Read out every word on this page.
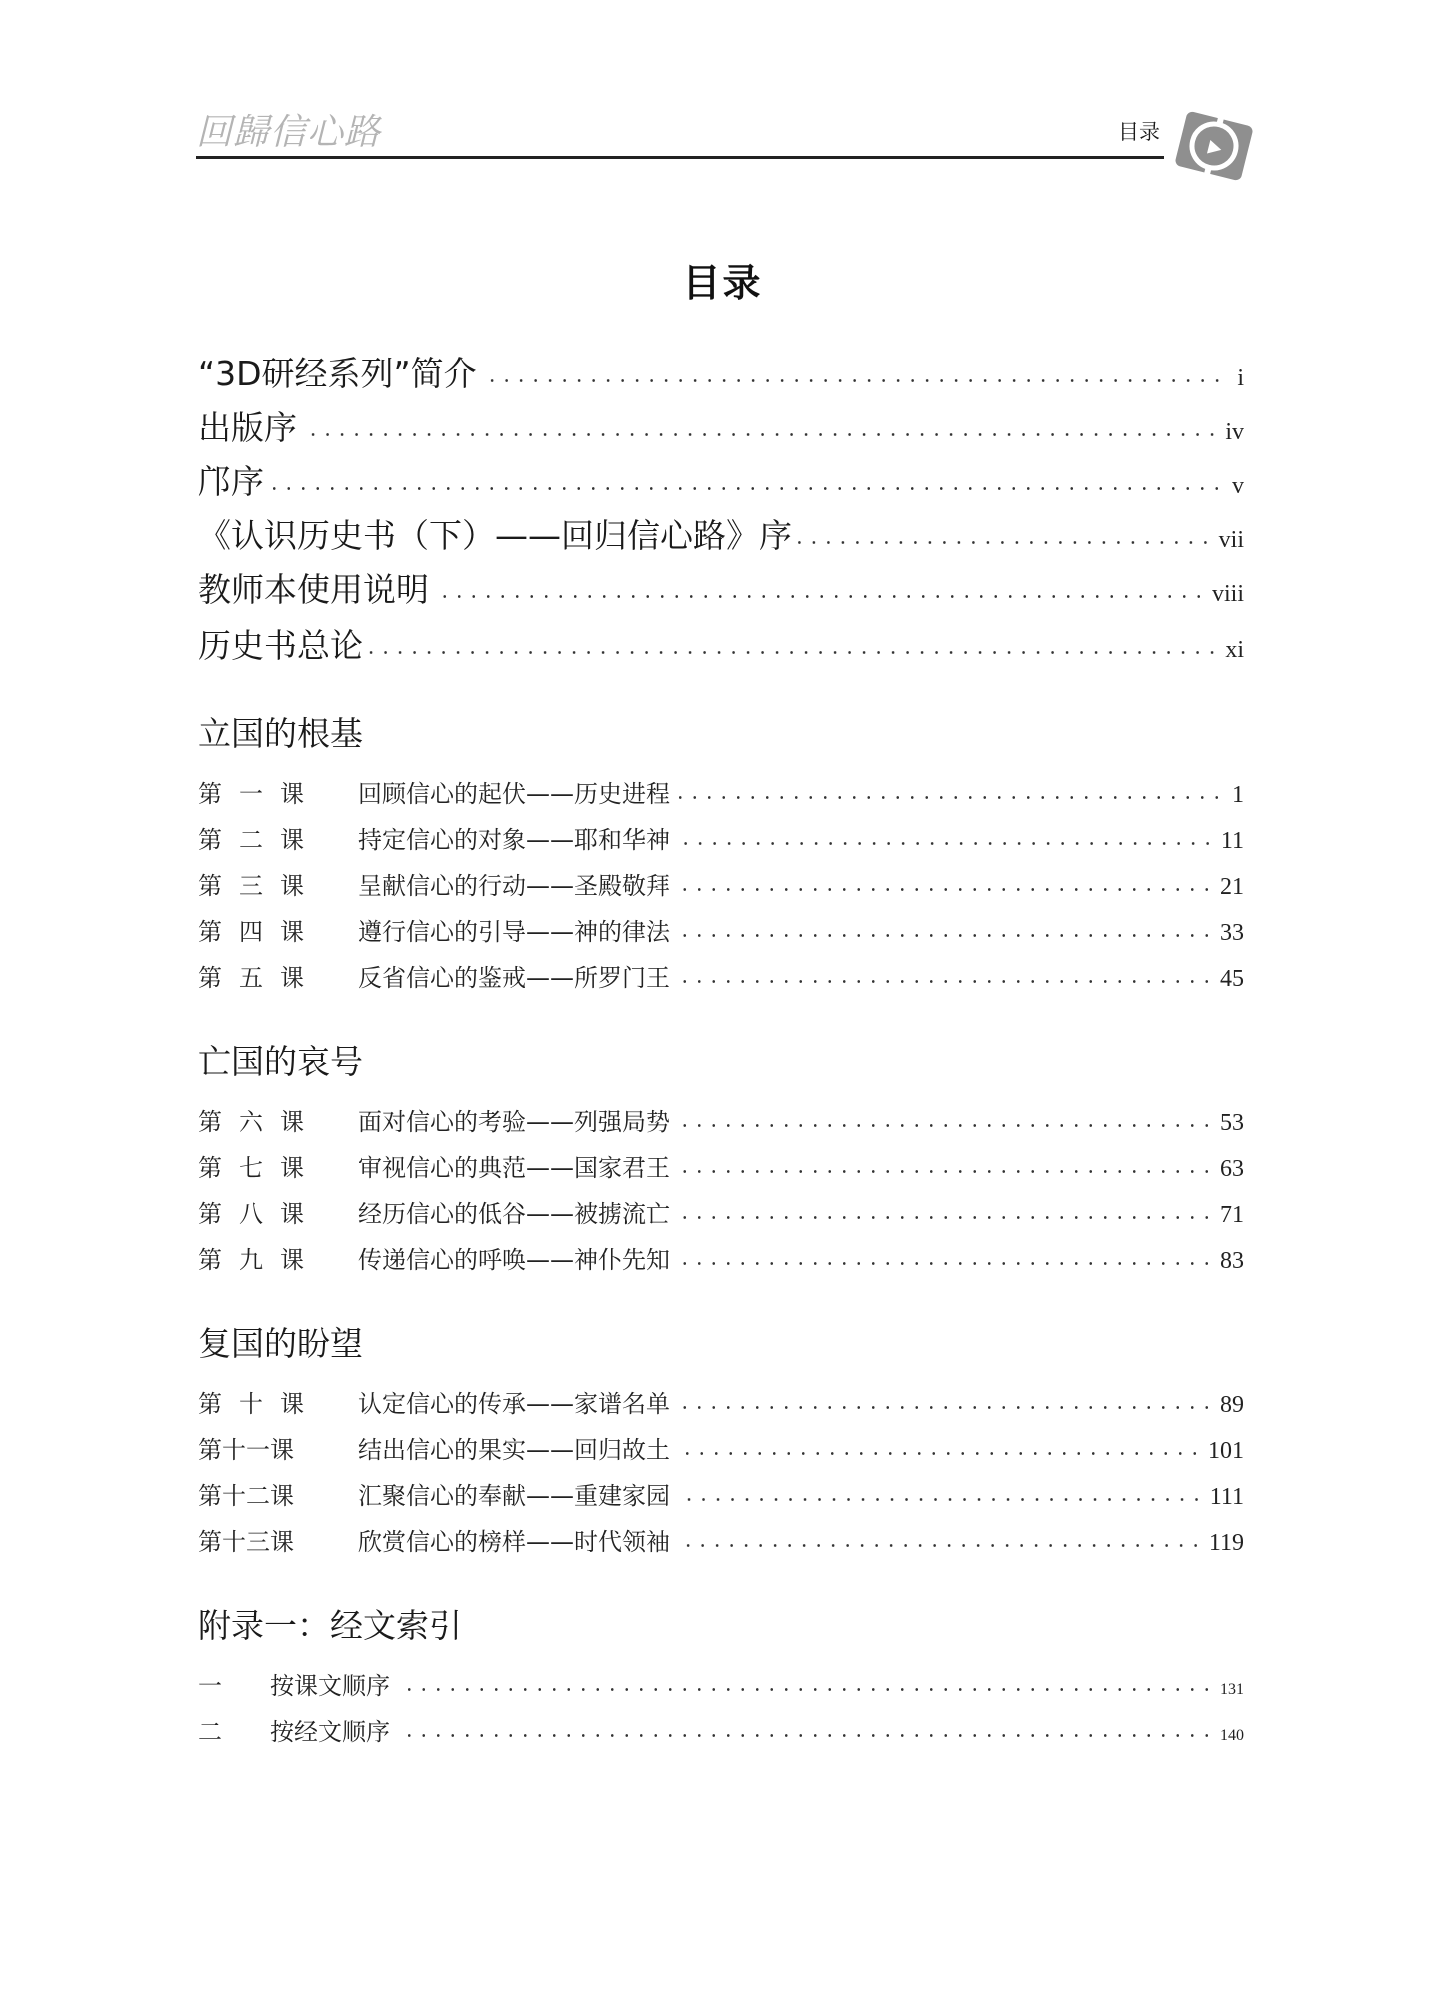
回歸信心路	目录
目录
“3D研经系列”简介	i
出版序	iv
邝序	v
《认识历史书（下）——回归信心路》序	vii
教师本使用说明	viii
历史书总论	xi
立国的根基
第一课	回顾信心的起伏——历史进程	1
第二课	持定信心的对象——耶和华神	11
第三课	呈献信心的行动——圣殿敬拜	21
第四课	遵行信心的引导——神的律法	33
第五课	反省信心的鉴戒——所罗门王	45
亡国的哀号
第六课	面对信心的考验——列强局势	53
第七课	审视信心的典范——国家君王	63
第八课	经历信心的低谷——被掳流亡	71
第九课	传递信心的呼唤——神仆先知	83
复国的盼望
第十课	认定信心的传承——家谱名单	89
第十一课	结出信心的果实——回归故土	101
第十二课	汇聚信心的奉献——重建家园	111
第十三课	欣赏信心的榜样——时代领袖	119
附录一：经文索引
一	按课文顺序	131
二	按经文顺序	140
